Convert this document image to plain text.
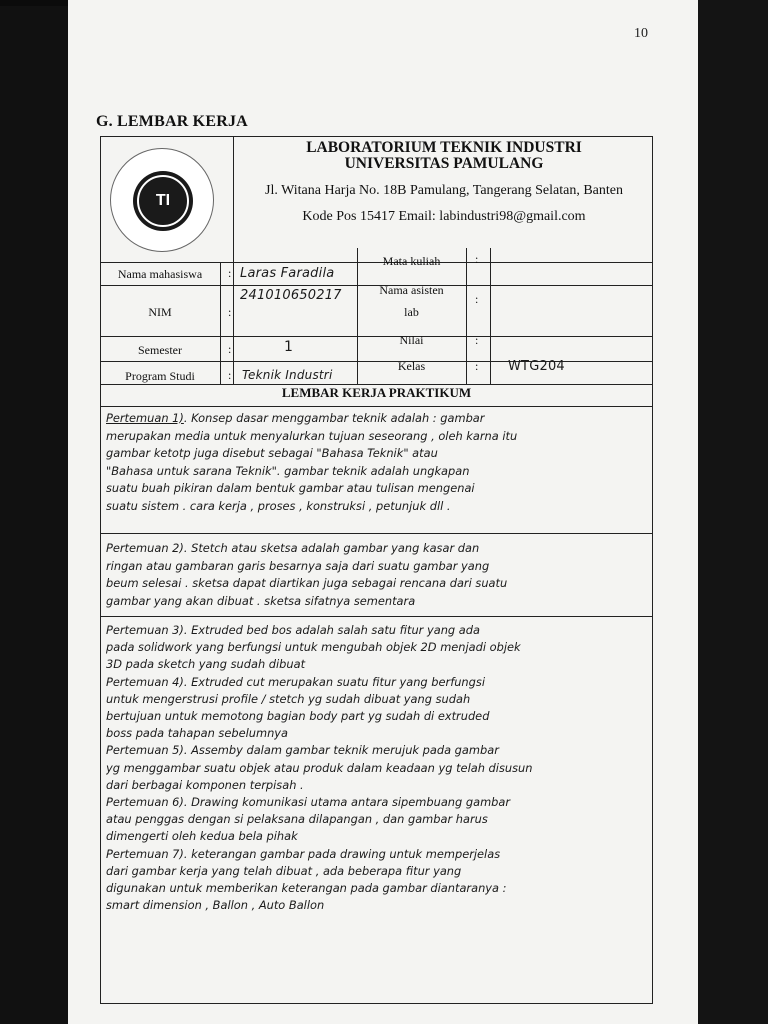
10
G. LEMBAR KERJA
TI
LABORATORIUM TEKNIK INDUSTRI
UNIVERSITAS PAMULANG
Jl. Witana Harja No. 18B Pamulang, Tangerang Selatan, Banten
Kode Pos 15417 Email: labindustri98@gmail.com
Nama mahasiswa
NIM
Semester
Program Studi
:
:
:
:
Laras Faradila
241010650217
1
Teknik Industri
Mata kuliah
Nama asisten
lab
Nilai
Kelas
:
:
:
: WTG204
LEMBAR KERJA PRAKTIKUM
Pertemuan 1). Konsep dasar menggambar teknik adalah : gambar
merupakan media untuk menyalurkan tujuan seseorang , oleh karna itu
gambar ketotp juga disebut sebagai "Bahasa Teknik" atau
"Bahasa untuk sarana Teknik". gambar teknik adalah ungkapan
suatu buah pikiran dalam bentuk gambar atau tulisan mengenai
suatu sistem . cara kerja , proses , konstruksi , petunjuk dll .
Pertemuan 2). Stetch atau sketsa adalah gambar yang kasar dan
ringan atau gambaran garis besarnya saja dari suatu gambar yang
beum selesai . sketsa dapat diartikan juga sebagai rencana dari suatu
gambar yang akan dibuat . sketsa sifatnya sementara
Pertemuan 3). Extruded bed bos adalah salah satu fitur yang ada
pada solidwork yang berfungsi untuk mengubah objek 2D menjadi objek
3D pada sketch yang sudah dibuat
Pertemuan 4). Extruded cut merupakan suatu fitur yang berfungsi
untuk mengerstrusi profile / stetch yg sudah dibuat yang sudah
bertujuan untuk memotong bagian body part yg sudah di extruded
boss pada tahapan sebelumnya
Pertemuan 5). Assemby dalam gambar teknik merujuk pada gambar
yg menggambar suatu objek atau produk dalam keadaan yg telah disusun
dari berbagai komponen terpisah .
Pertemuan 6). Drawing komunikasi utama antara sipembuang gambar
atau penggas dengan si pelaksana dilapangan , dan gambar harus
dimengerti oleh kedua bela pihak
Pertemuan 7). keterangan gambar pada drawing untuk memperjelas
dari gambar kerja yang telah dibuat , ada beberapa fitur yang
digunakan untuk memberikan keterangan pada gambar diantaranya :
smart dimension , Ballon , Auto Ballon
